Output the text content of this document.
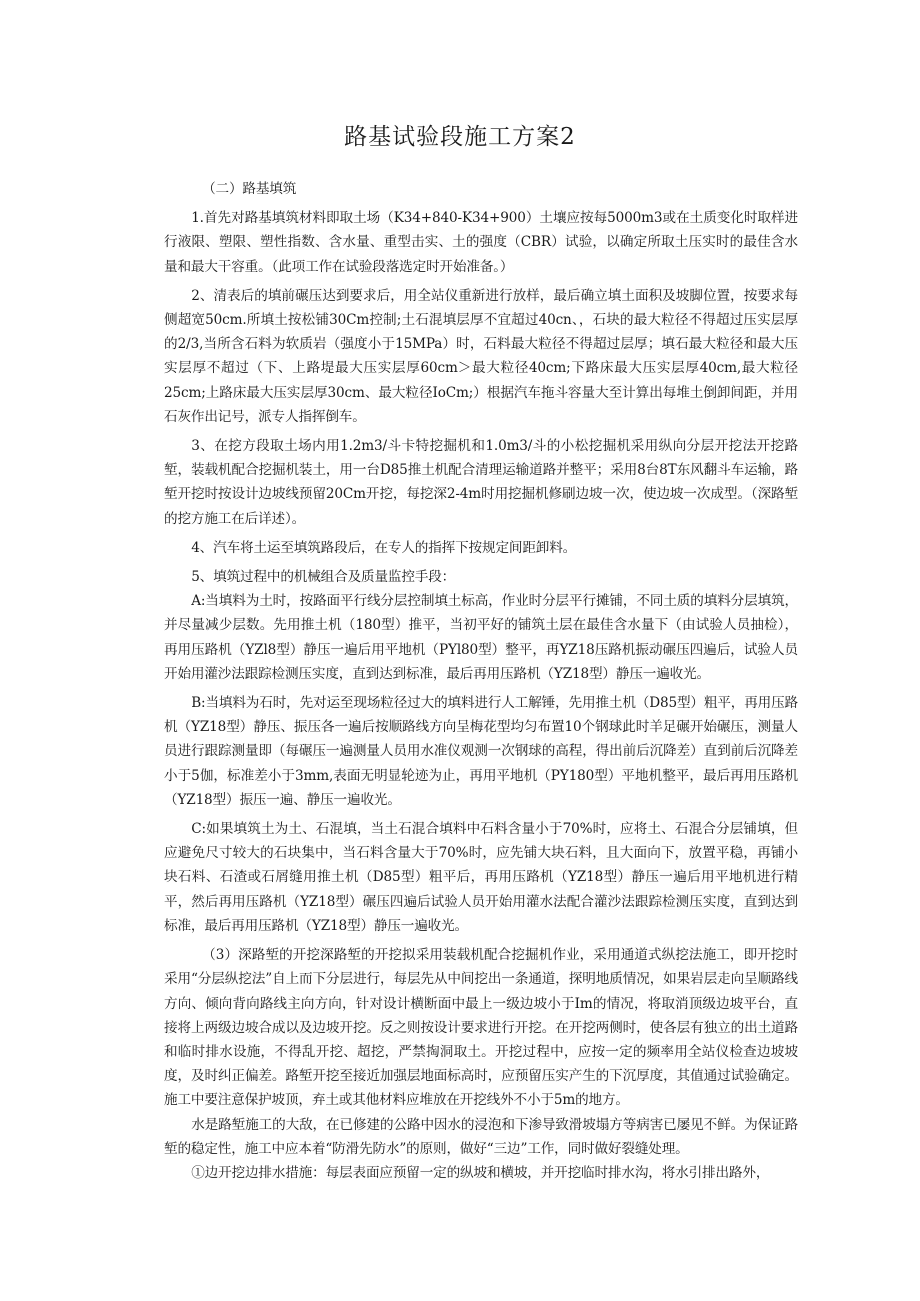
路基试验段施工方案2

（二）路基填筑

1.首先对路基填筑材料即取土场（K34+840-K34+900）土壤应按每5000m3或在土质变化时取样进行液限、塑限、塑性指数、含水量、重型击实、土的强度（CBR）试验，以确定所取土压实时的最佳含水量和最大干容重。（此项工作在试验段落选定时开始准备。）

2、清表后的填前碾压达到要求后，用全站仪重新进行放样，最后确立填土面积及坡脚位置，按要求每侧超宽50cm.所填土按松铺30Cm控制;土石混填层厚不宜超过40cn、，石块的最大粒径不得超过压实层厚的2/3,当所含石料为软质岩（强度小于15MPa）时，石料最大粒径不得超过层厚；填石最大粒径和最大压实层厚不超过（下、上路堤最大压实层厚60cm＞最大粒径40cm;下路床最大压实层厚40cm,最大粒径25cm;上路床最大压实层厚30cm、最大粒径IoCm;）根据汽车拖斗容量大至计算出每堆土倒卸间距，并用石灰作出记号，派专人指挥倒车。

3、在挖方段取土场内用1.2m3/斗卡特挖掘机和1.0m3/斗的小松挖掘机采用纵向分层开挖法开挖路堑，装载机配合挖掘机装土，用一台D85推土机配合清理运输道路并整平；采用8台8T东风翻斗车运输，路堑开挖时按设计边坡线预留20Cm开挖，每挖深2-4m时用挖掘机修刷边坡一次，使边坡一次成型。（深路堑的挖方施工在后详述）。

4、汽车将土运至填筑路段后，在专人的指挥下按规定间距卸料。

5、填筑过程中的机械组合及质量监控手段：

A:当填料为土时，按路面平行线分层控制填土标高，作业时分层平行摊铺，不同土质的填料分层填筑，并尽量减少层数。先用推土机（180型）推平，当初平好的铺筑土层在最佳含水量下（由试验人员抽检），再用压路机（YZl8型）静压一遍后用平地机（PYl80型）整平，再YZ18压路机振动碾压四遍后，试验人员开始用灌沙法跟踪检测压实度，直到达到标准，最后再用压路机（YZ18型）静压一遍收光。

B:当填料为石时，先对运至现场粒径过大的填料进行人工解锤，先用推土机（D85型）粗平，再用压路机（YZ18型）静压、振压各一遍后按顺路线方向呈梅花型均匀布置10个钢球此时羊足碾开始碾压，测量人员进行跟踪测量即（每碾压一遍测量人员用水准仪观测一次钢球的高程，得出前后沉降差）直到前后沉降差小于5伽，标准差小于3mm,表面无明显轮迹为止，再用平地机（PY180型）平地机整平，最后再用压路机（YZ18型）振压一遍、静压一遍收光。

C:如果填筑土为土、石混填，当土石混合填料中石料含量小于70%时，应将土、石混合分层铺填，但应避免尺寸较大的石块集中，当石料含量大于70%时，应先铺大块石料，且大面向下，放置平稳，再铺小块石料、石渣或石屑缝用推土机（D85型）粗平后，再用压路机（YZ18型）静压一遍后用平地机进行精平，然后再用压路机（YZ18型）碾压四遍后试验人员开始用灌水法配合灌沙法跟踪检测压实度，直到达到标准，最后再用压路机（YZ18型）静压一遍收光。

（3）深路堑的开挖深路堑的开挖拟采用装载机配合挖掘机作业，采用通道式纵挖法施工，即开挖时采用“分层纵挖法”自上而下分层进行，每层先从中间挖出一条通道，探明地质情况，如果岩层走向呈顺路线方向、倾向背向路线主向方向，针对设计横断面中最上一级边坡小于Im的情况，将取消顶级边坡平台，直接将上两级边坡合成以及边坡开挖。反之则按设计要求进行开挖。在开挖两侧时，使各层有独立的出土道路和临时排水设施，不得乱开挖、超挖，严禁掏洞取土。开挖过程中，应按一定的频率用全站仪检查边坡坡度，及时纠正偏差。路堑开挖至接近加强层地面标高时，应预留压实产生的下沉厚度，其值通过试验确定。施工中要注意保护坡顶，弃土或其他材料应堆放在开挖线外不小于5m的地方。

水是路堑施工的大敌，在已修建的公路中因水的浸泡和下渗导致滑坡塌方等病害已屡见不鲜。为保证路堑的稳定性，施工中应本着“防滑先防水”的原则，做好“三边”工作，同时做好裂缝处理。

①边开挖边排水措施：每层表面应预留一定的纵坡和横坡，并开挖临时排水沟，将水引排出路外，
